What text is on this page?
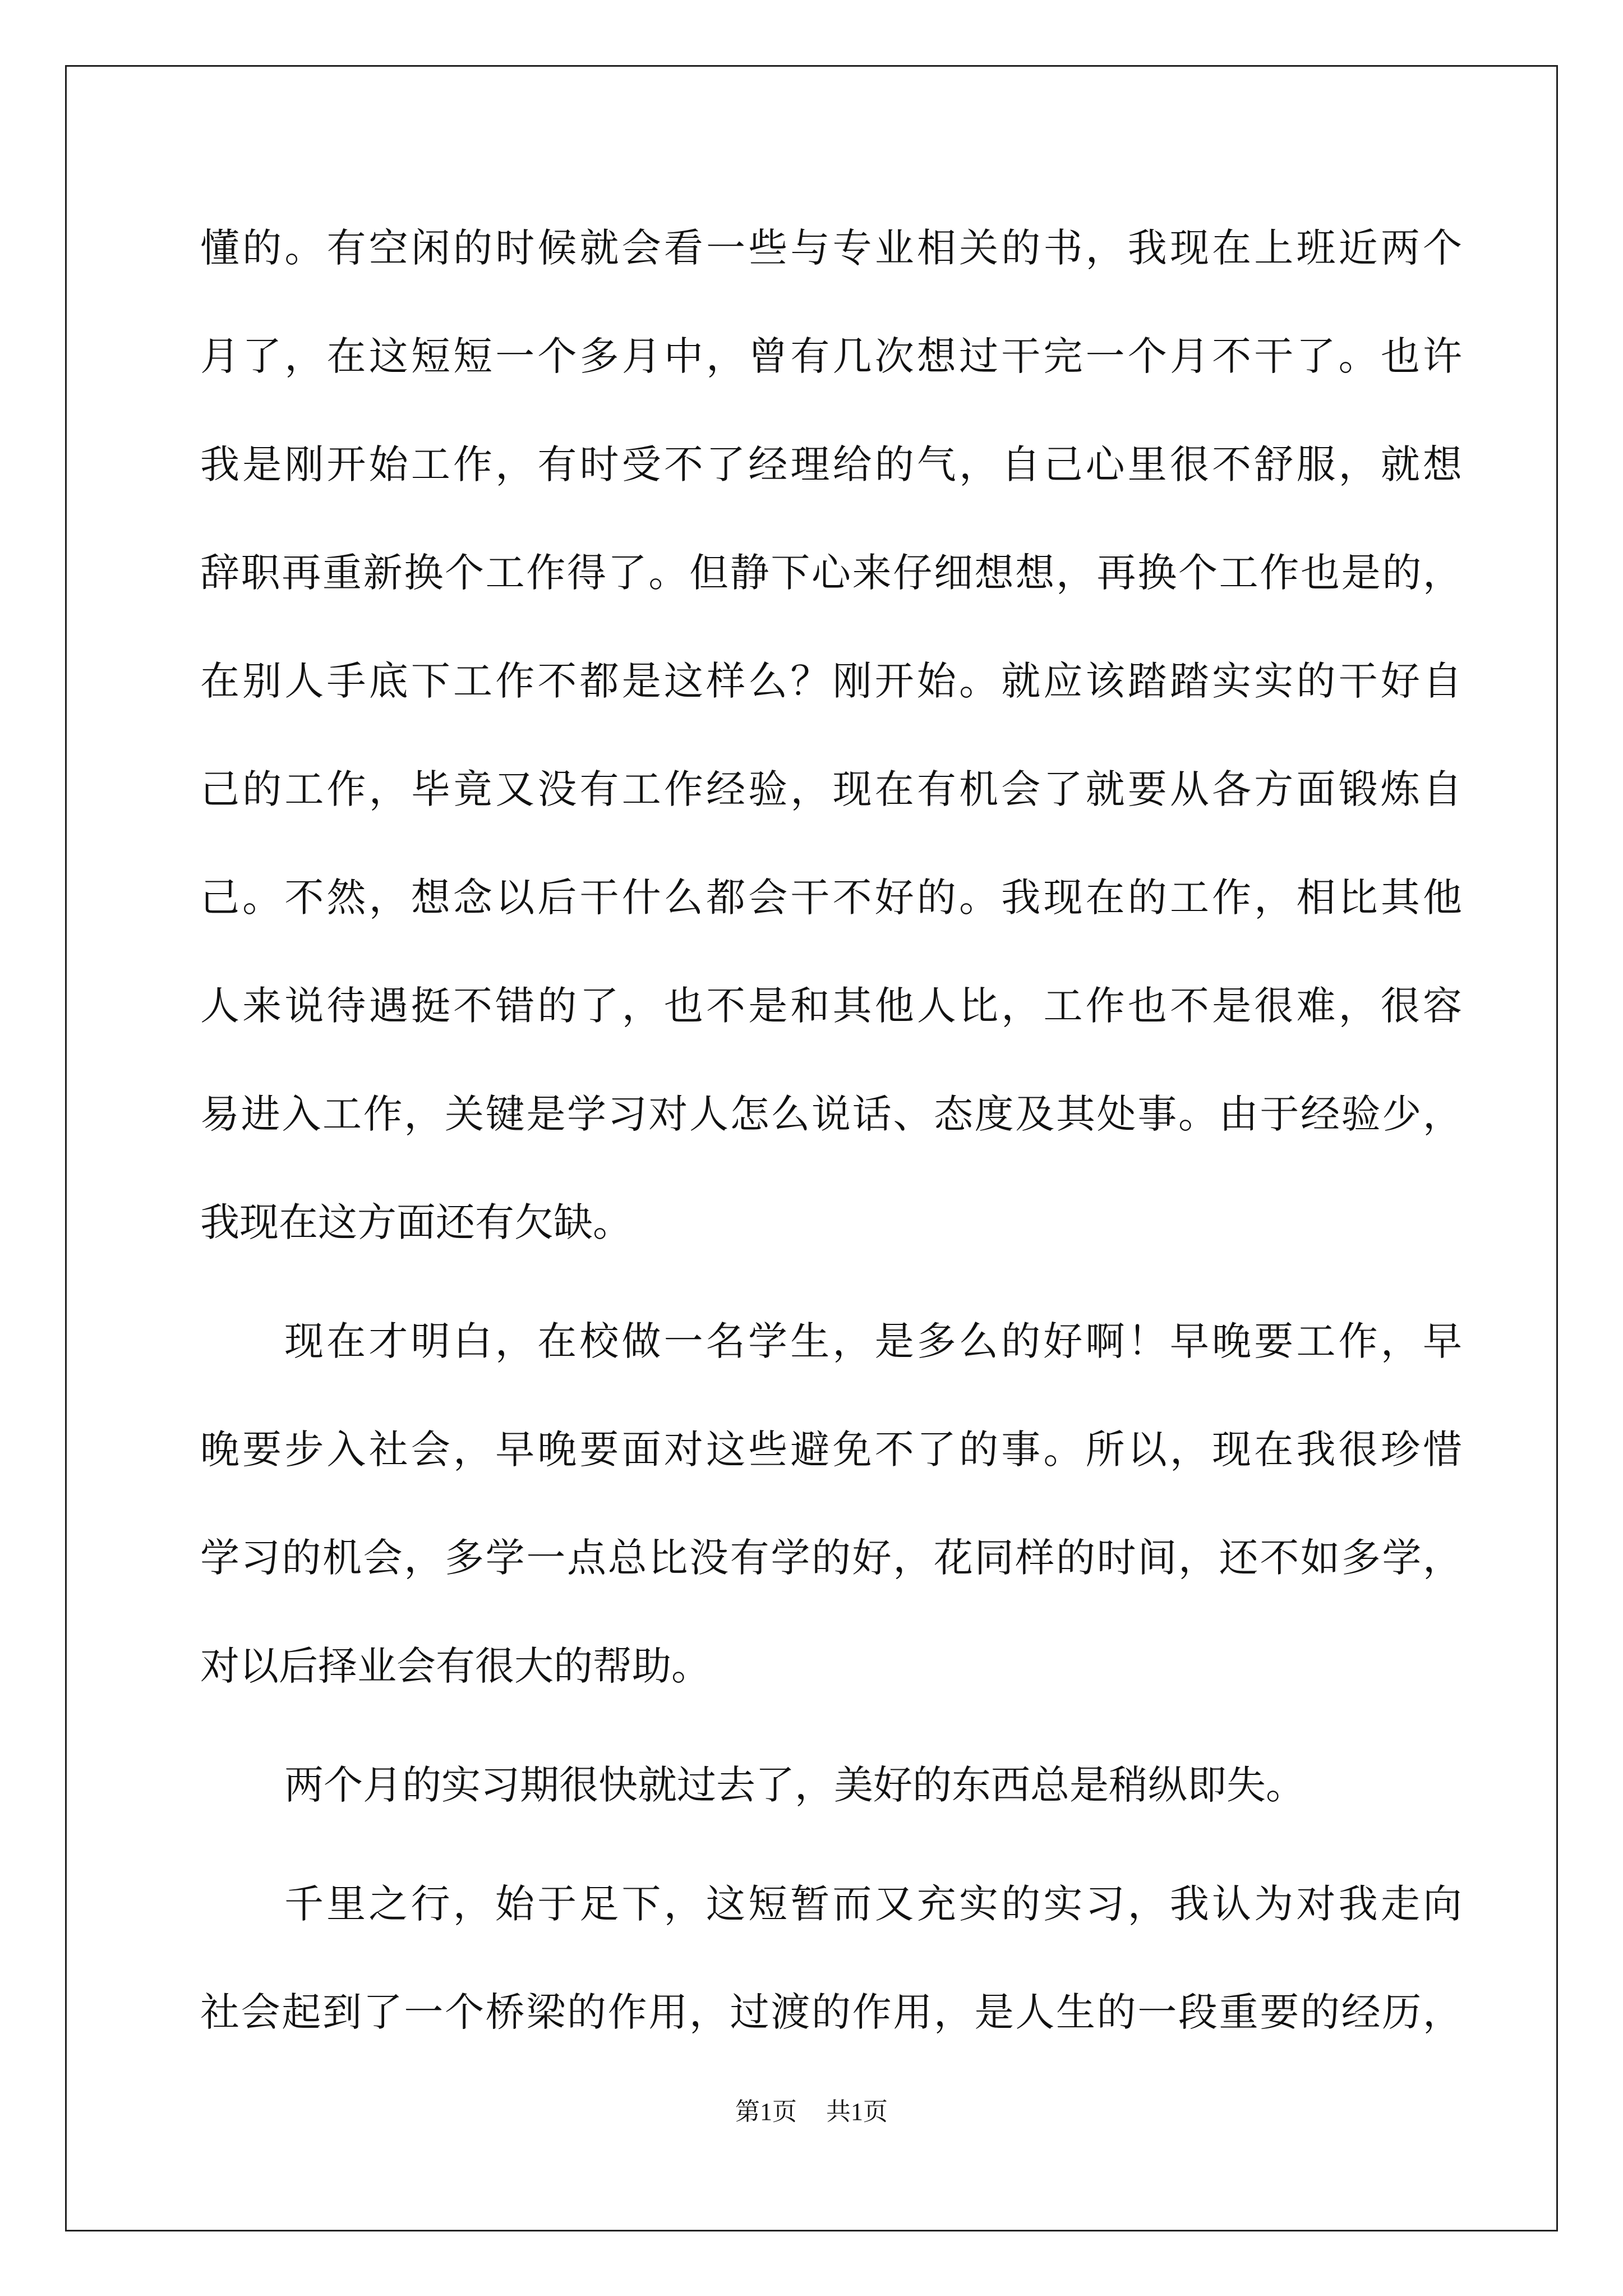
懂的。有空闲的时候就会看一些与专业相关的书，我现在上班近两个
月了，在这短短一个多月中，曾有几次想过干完一个月不干了。也许
我是刚开始工作，有时受不了经理给的气，自己心里很不舒服，就想
辞职再重新换个工作得了。但静下心来仔细想想，再换个工作也是的，
在别人手底下工作不都是这样么？刚开始。就应该踏踏实实的干好自
己的工作，毕竟又没有工作经验，现在有机会了就要从各方面锻炼自
己。不然，想念以后干什么都会干不好的。我现在的工作，相比其他
人来说待遇挺不错的了，也不是和其他人比，工作也不是很难，很容
易进入工作，关键是学习对人怎么说话、态度及其处事。由于经验少，
我现在这方面还有欠缺。
现在才明白，在校做一名学生，是多么的好啊！早晚要工作，早
晚要步入社会，早晚要面对这些避免不了的事。所以，现在我很珍惜
学习的机会，多学一点总比没有学的好，花同样的时间，还不如多学，
对以后择业会有很大的帮助。
两个月的实习期很快就过去了，美好的东西总是稍纵即失。
千里之行，始于足下，这短暂而又充实的实习，我认为对我走向
社会起到了一个桥梁的作用，过渡的作用，是人生的一段重要的经历，
第1页 共1页
